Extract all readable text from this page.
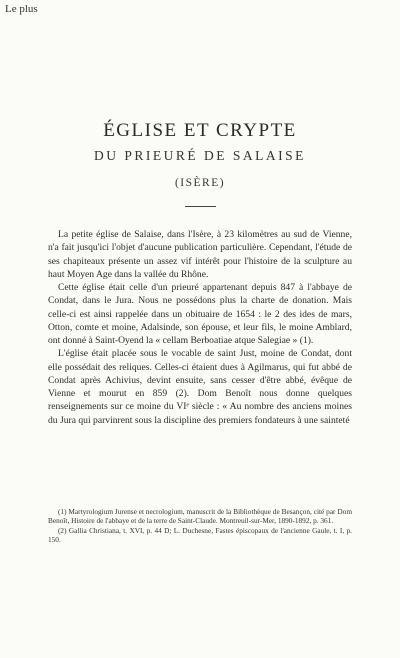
Le plus
ÉGLISE ET CRYPTE
DU PRIEURÉ DE SALAISE
(ISÈRE)

La petite église de Salaise, dans l'Isère, à 23 kilomètres au sud de Vienne, n'a fait jusqu'ici l'objet d'aucune publication particulière. Cependant, l'étude de ses chapiteaux présente un assez vif intérêt pour l'histoire de la sculpture au haut Moyen Age dans la vallée du Rhône.

Cette église était celle d'un prieuré appartenant depuis 847 à l'abbaye de Condat, dans le Jura. Nous ne possédons plus la charte de donation. Mais celle-ci est ainsi rappelée dans un obituaire de 1654 : le 2 des ides de mars, Otton, comte et moine, Adalsinde, son épouse, et leur fils, le moine Amblard, ont donné à Saint-Oyend la « cellam Berboatiae atque Salegiae » (1).

L'église était placée sous le vocable de saint Just, moine de Condat, dont elle possédait des reliques. Celles-ci étaient dues à Agilmarus, qui fut abbé de Condat après Achivius, devint ensuite, sans cesser d'être abbé, évêque de Vienne et mourut en 859 (2). Dom Benoît nous donne quelques renseignements sur ce moine du VIᵉ siècle : « Au nombre des anciens moines du Jura qui parvinrent sous la discipline des premiers fondateurs à une sainteté

(1) Martyrologium Jurense et necrologium, manuscrit de la Bibliothèque de Besançon, cité par Dom Benoît, Histoire de l'abbaye et de la terre de Saint-Claude. Montreuil-sur-Mer, 1890-1892, p. 361.

(2) Gallia Christiana, t. XVI, p. 44 D; L. Duchesne, Fastes épiscopaux de l'ancienne Gaule, t. I, p. 150.
